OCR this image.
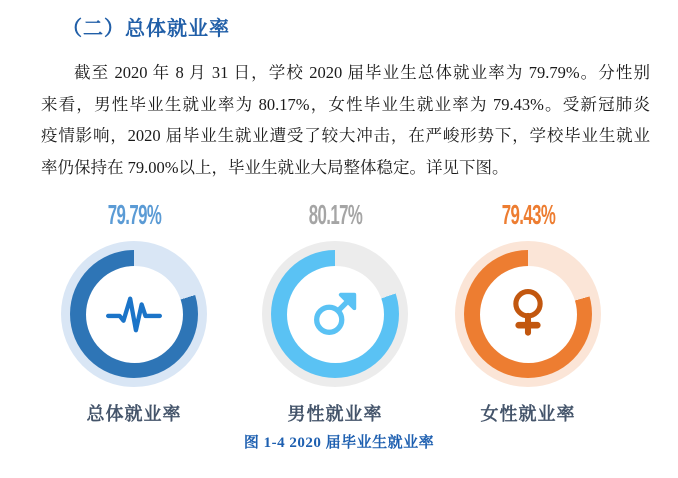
（二）总体就业率
截至 2020 年 8 月 31 日，学校 2020 届毕业生总体就业率为 79.79%。分性别
来看，男性毕业生就业率为 80.17%，女性毕业生就业率为 79.43%。受新冠肺炎
疫情影响，2020 届毕业生就业遭受了较大冲击，在严峻形势下，学校毕业生就业
率仍保持在 79.00%以上，毕业生就业大局整体稳定。详见下图。
79.79%
总体就业率
80.17%
男性就业率
79.43%
女性就业率
图 1-4 2020 届毕业生就业率
